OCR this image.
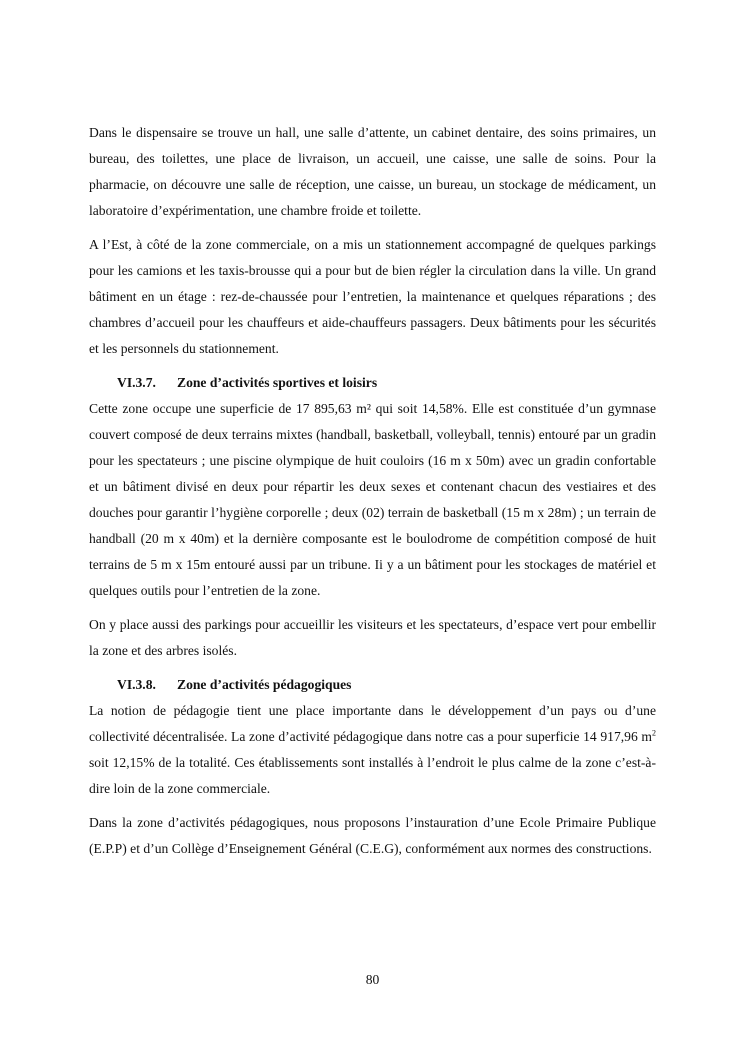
Dans le dispensaire se trouve un hall, une salle d’attente, un cabinet dentaire, des soins primaires, un bureau, des toilettes, une place de livraison, un accueil, une caisse, une salle de soins. Pour la pharmacie, on découvre une salle de réception, une caisse, un bureau, un stockage de médicament, un laboratoire d’expérimentation, une chambre froide et toilette.

A l’Est, à côté de la zone commerciale, on a mis un stationnement accompagné de quelques parkings pour les camions et les taxis-brousse qui a pour but de bien régler la circulation dans la ville. Un grand bâtiment en un étage : rez-de-chaussée pour l’entretien, la maintenance et quelques réparations ; des chambres d’accueil pour les chauffeurs et aide-chauffeurs passagers. Deux bâtiments pour les sécurités et les personnels du stationnement.

VI.3.7.	Zone d’activités sportives et loisirs

Cette zone occupe une superficie de 17 895,63 m² qui soit 14,58%. Elle est constituée d’un gymnase couvert composé de deux terrains mixtes (handball, basketball, volleyball, tennis) entouré par un gradin pour les spectateurs ; une piscine olympique de huit couloirs (16 m x 50m) avec un gradin confortable et un bâtiment divisé en deux pour répartir les deux sexes et contenant chacun des vestiaires et des douches pour garantir l’hygiène corporelle ; deux (02) terrain de basketball (15 m x 28m) ; un terrain de handball (20 m x 40m) et la dernière composante est le boulodrome de compétition composé de huit terrains de 5 m x 15m entouré aussi par un tribune. Ii y a un bâtiment pour les stockages de matériel et quelques outils pour l’entretien de la zone.

On y place aussi des parkings pour accueillir les visiteurs et les spectateurs, d’espace vert pour embellir la zone et des arbres isolés.

VI.3.8.	Zone d’activités pédagogiques

La notion de pédagogie tient une place importante dans le développement d’un pays ou d’une collectivité décentralisée. La zone d’activité pédagogique dans notre cas a pour superficie 14 917,96 $m^2$ soit 12,15% de la totalité. Ces établissements sont installés à l’endroit le plus calme de la zone c’est-à-dire loin de la zone commerciale.

Dans la zone d’activités pédagogiques, nous proposons l’instauration d’une Ecole Primaire Publique (E.P.P) et d’un Collège d’Enseignement Général (C.E.G), conformément aux normes des constructions.

80
